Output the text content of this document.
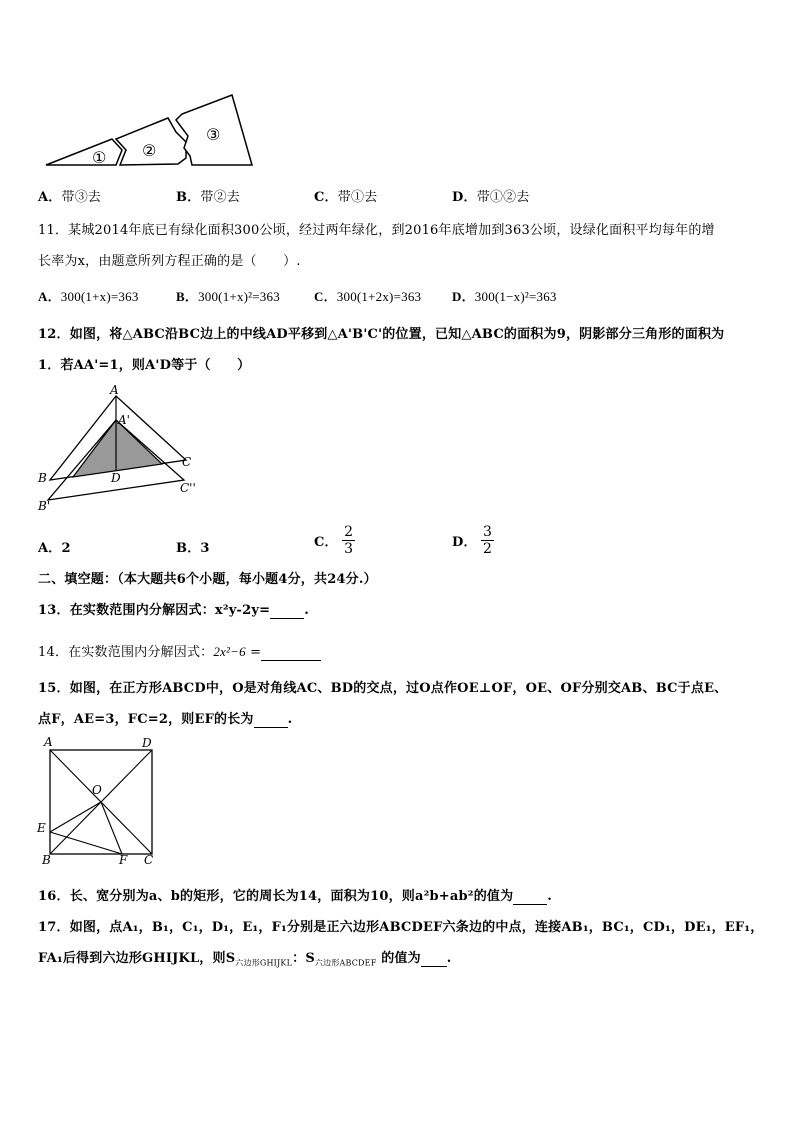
① ②
③
A．带③去	B．带②去	C．带①去	D．带①②去
11．某城2014年底已有绿化面积300公顷，经过两年绿化，到2016年底增加到363公顷，设绿化面积平均每年的增
长率为x，由题意所列方程正确的是（　　）.
A．300(1+x)=363	B．300(1+x)²=363	C．300(1+2x)=363 D．300(1−x)²=363
12．如图，将△ABC沿BC边上的中线AD平移到△A'B'C'的位置，已知△ABC的面积为9，阴影部分三角形的面积为
1．若AA'=1，则A'D等于（　　）
A
A'
B
B'
C
C''
D
A．2	B．3	C． $\frac{2}{3}$	D． $\frac{3}{2}$
二、填空题：（本大题共6个小题，每小题4分，共24分.）
13．在实数范围内分解因式：x²y-2y=	.
14．在实数范围内分解因式：2x²−6 =
15．如图，在正方形ABCD中，O是对角线AC、BD的交点，过O点作OE⊥OF，OE、OF分别交AB、BC于点E、
点F，AE=3，FC=2，则EF的长为	.
A	D
O
E
B	F C
16．长、宽分别为a、b的矩形，它的周长为14，面积为10，则a²b+ab²的值为	.
17．如图，点A₁，B₁，C₁，D₁，E₁，F₁分别是正六边形ABCDEF六条边的中点，连接AB₁，BC₁，CD₁，DE₁，EF₁，
FA₁后得到六边形GHIJKL，则$S_{六边形GHIJKL}$：$S_{六边形ABCDEF}$ 的值为 .
